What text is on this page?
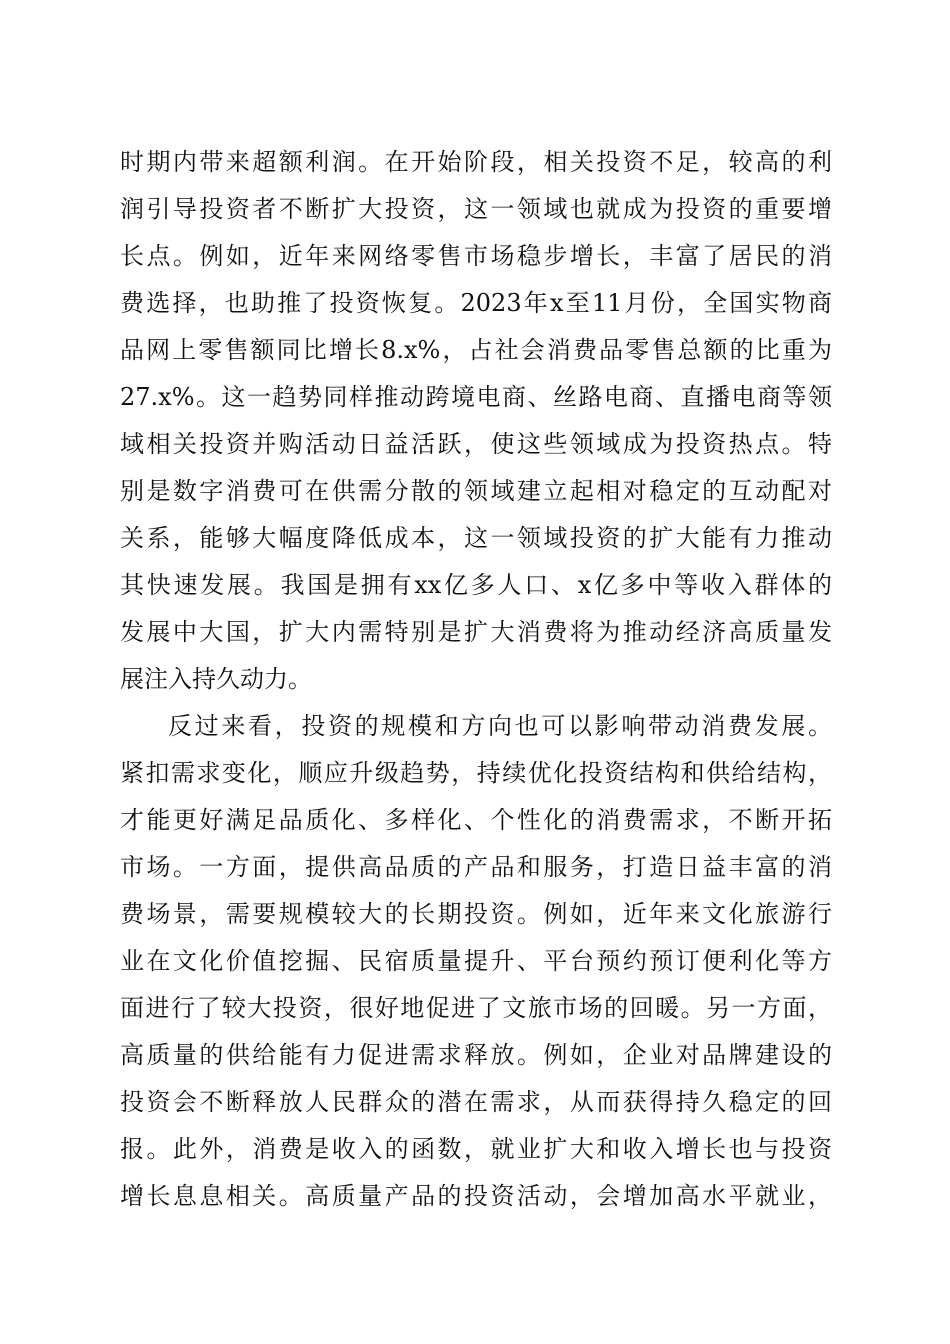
时期内带来超额利润。在开始阶段，相关投资不足，较高的利
润引导投资者不断扩大投资，这一领域也就成为投资的重要增
长点。例如，近年来网络零售市场稳步增长，丰富了居民的消
费选择，也助推了投资恢复。2023年x至11月份，全国实物商
品网上零售额同比增长8.x%，占社会消费品零售总额的比重为
27.x%。这一趋势同样推动跨境电商、丝路电商、直播电商等领
域相关投资并购活动日益活跃，使这些领域成为投资热点。特
别是数字消费可在供需分散的领域建立起相对稳定的互动配对
关系，能够大幅度降低成本，这一领域投资的扩大能有力推动
其快速发展。我国是拥有xx亿多人口、x亿多中等收入群体的
发展中大国，扩大内需特别是扩大消费将为推动经济高质量发
展注入持久动力。
反过来看，投资的规模和方向也可以影响带动消费发展。
紧扣需求变化，顺应升级趋势，持续优化投资结构和供给结构，
才能更好满足品质化、多样化、个性化的消费需求，不断开拓
市场。一方面，提供高品质的产品和服务，打造日益丰富的消
费场景，需要规模较大的长期投资。例如，近年来文化旅游行
业在文化价值挖掘、民宿质量提升、平台预约预订便利化等方
面进行了较大投资，很好地促进了文旅市场的回暖。另一方面，
高质量的供给能有力促进需求释放。例如，企业对品牌建设的
投资会不断释放人民群众的潜在需求，从而获得持久稳定的回
报。此外，消费是收入的函数，就业扩大和收入增长也与投资
增长息息相关。高质量产品的投资活动，会增加高水平就业，
